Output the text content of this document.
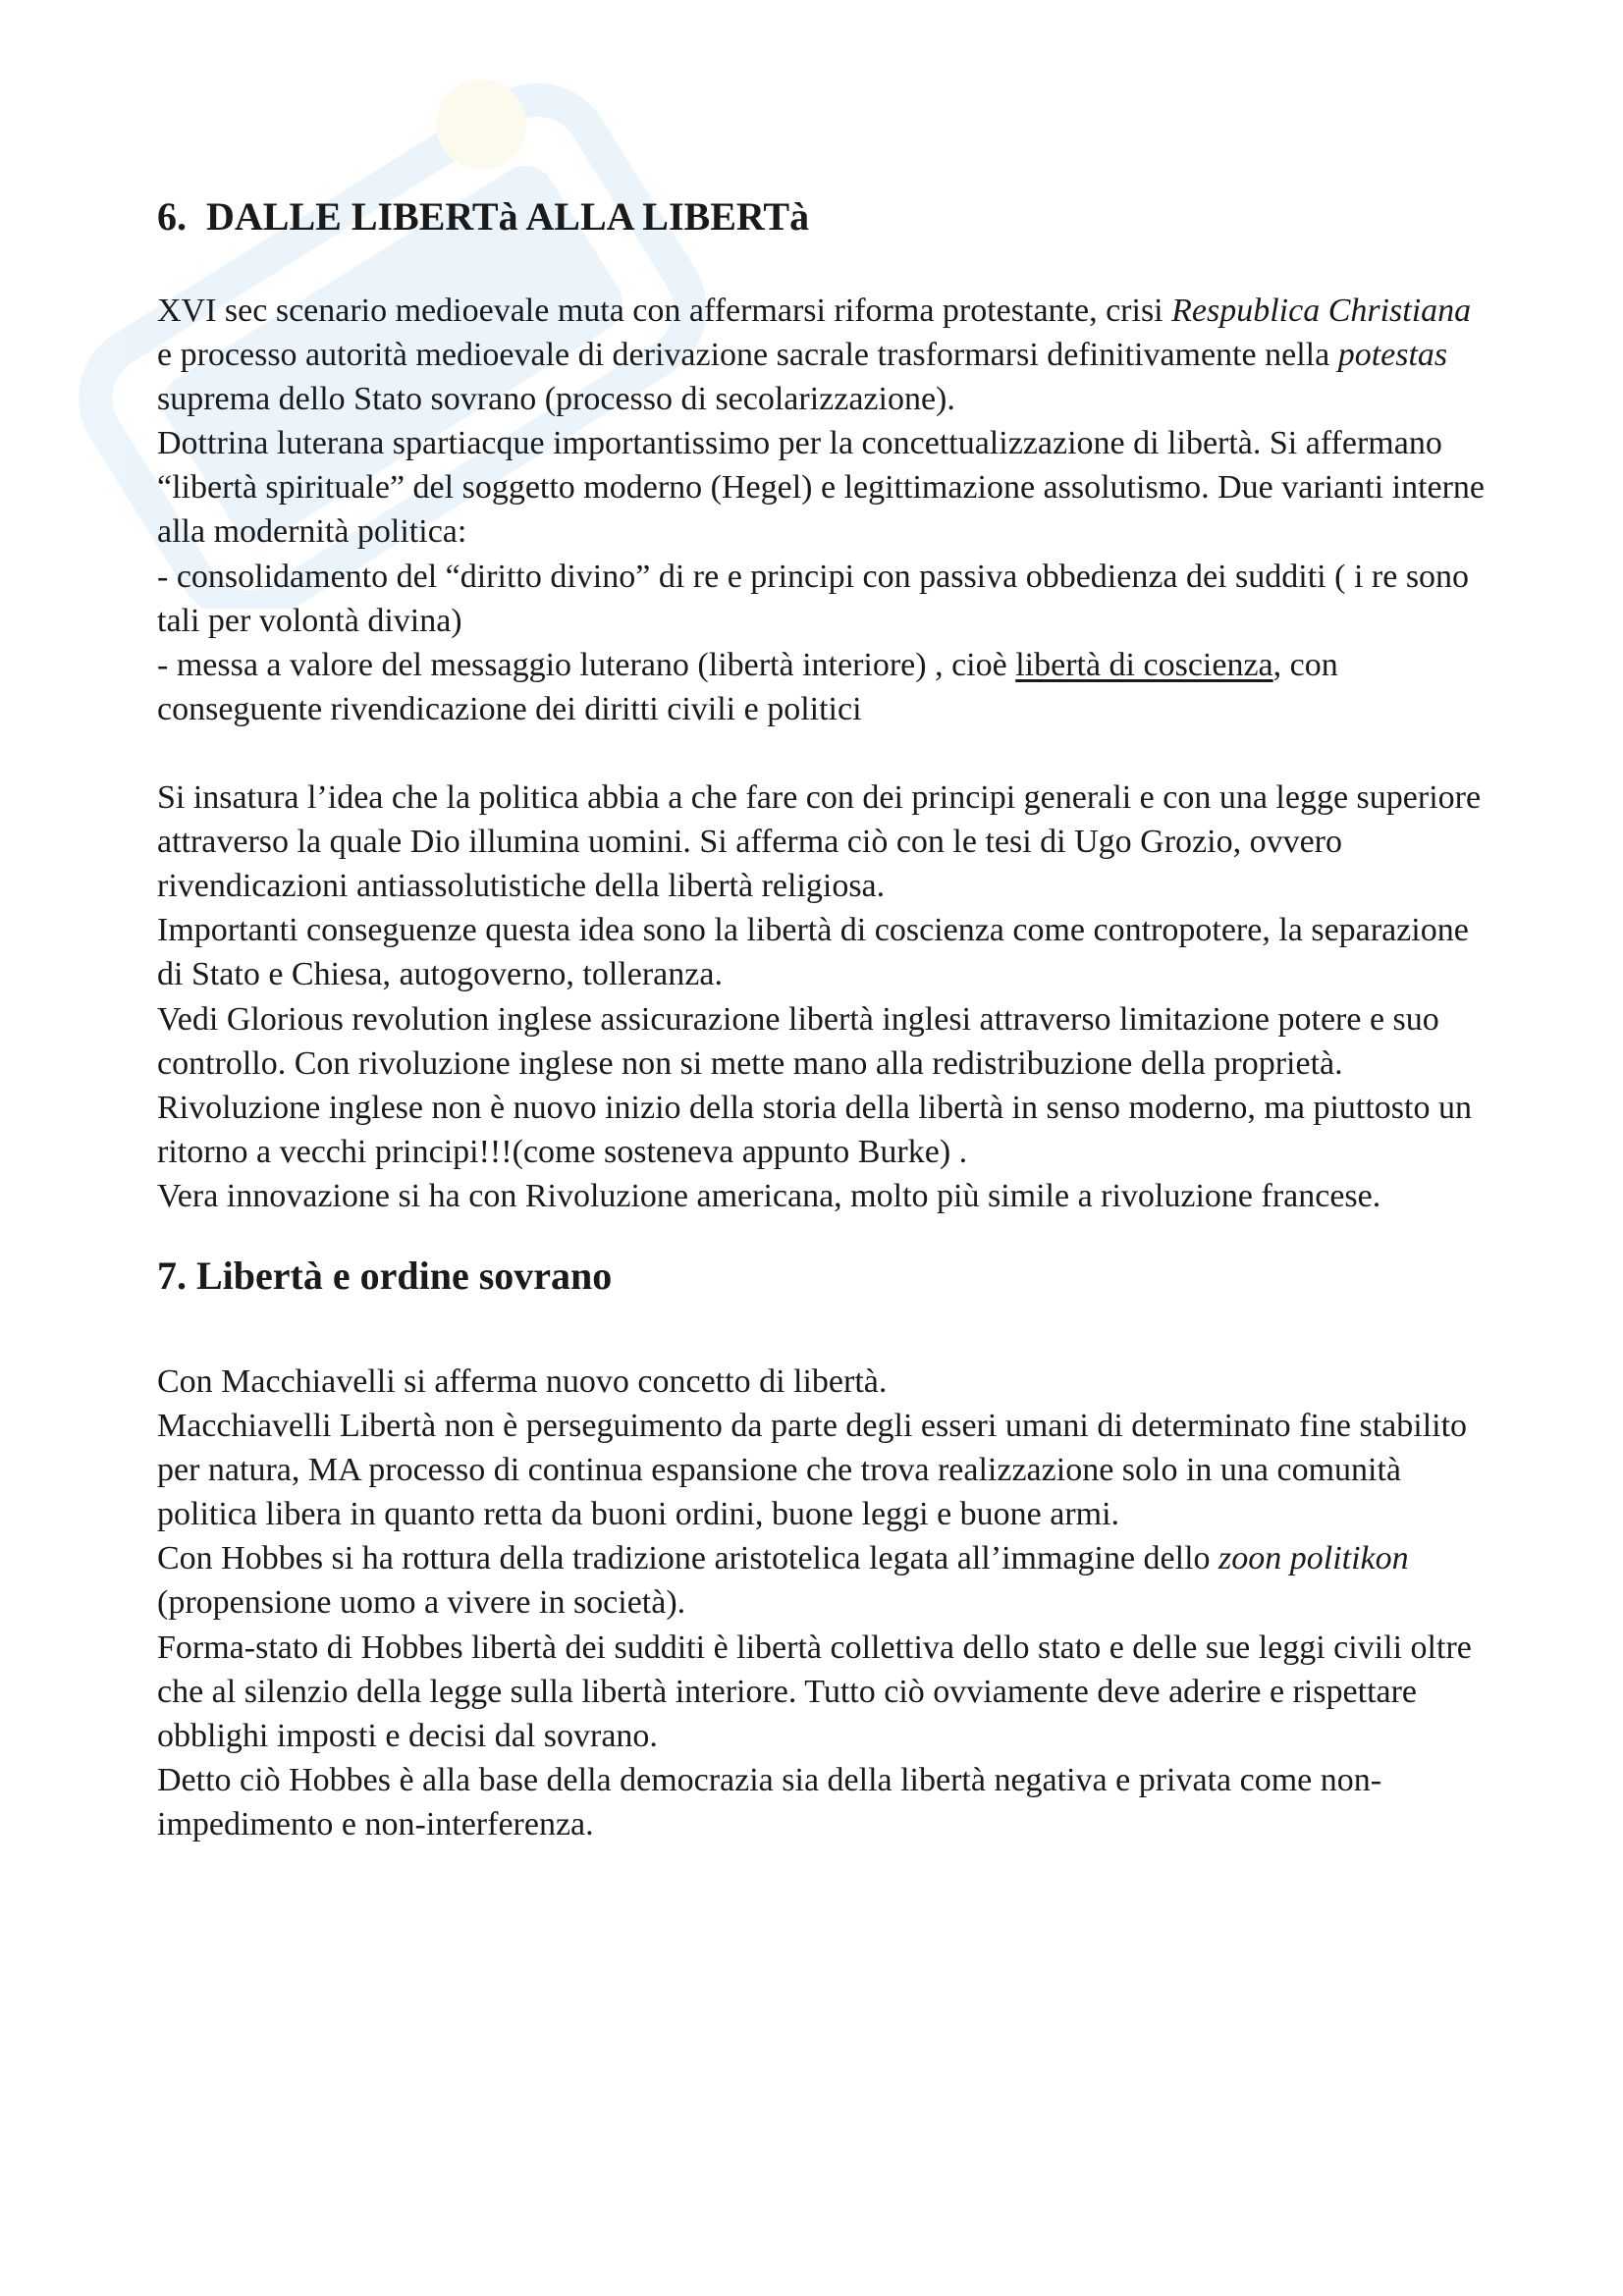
6.  DALLE LIBERTà ALLA LIBERTà

XVI sec scenario medioevale muta con affermarsi riforma protestante, crisi Respublica Christiana e processo autorità medioevale di derivazione sacrale trasformarsi definitivamente nella potestas suprema dello Stato sovrano (processo di secolarizzazione).

Dottrina luterana spartiacque importantissimo per la concettualizzazione di libertà. Si affermano “libertà spirituale” del soggetto moderno (Hegel) e legittimazione assolutismo. Due varianti interne alla modernità politica:

- consolidamento del “diritto divino” di re e principi con passiva obbedienza dei sudditi ( i re sono tali per volontà divina)

- messa a valore del messaggio luterano (libertà interiore) , cioè libertà di coscienza, con conseguente rivendicazione dei diritti civili e politici

Si insatura l’idea che la politica abbia a che fare con dei principi generali e con una legge superiore attraverso la quale Dio illumina uomini. Si afferma ciò con le tesi di Ugo Grozio, ovvero rivendicazioni antiassolutistiche della libertà religiosa.

Importanti conseguenze questa idea sono la libertà di coscienza come contropotere, la separazione di Stato e Chiesa, autogoverno, tolleranza.

Vedi Glorious revolution inglese assicurazione libertà inglesi attraverso limitazione potere e suo controllo. Con rivoluzione inglese non si mette mano alla redistribuzione della proprietà. Rivoluzione inglese non è nuovo inizio della storia della libertà in senso moderno, ma piuttosto un ritorno a vecchi principi!!!(come sosteneva appunto Burke) .

Vera innovazione si ha con Rivoluzione americana, molto più simile a rivoluzione francese.

7. Libertà e ordine sovrano

Con Macchiavelli si afferma nuovo concetto di libertà.

Macchiavelli Libertà non è perseguimento da parte degli esseri umani di determinato fine stabilito per natura, MA processo di continua espansione che trova realizzazione solo in una comunità politica libera in quanto retta da buoni ordini, buone leggi e buone armi.

Con Hobbes si ha rottura della tradizione aristotelica legata all’immagine dello zoon politikon (propensione uomo a vivere in società).

Forma-stato di Hobbes libertà dei sudditi è libertà collettiva dello stato e delle sue leggi civili oltre che al silenzio della legge sulla libertà interiore. Tutto ciò ovviamente deve aderire e rispettare obblighi imposti e decisi dal sovrano.

Detto ciò Hobbes è alla base della democrazia sia della libertà negativa e privata come non-impedimento e non-interferenza.
